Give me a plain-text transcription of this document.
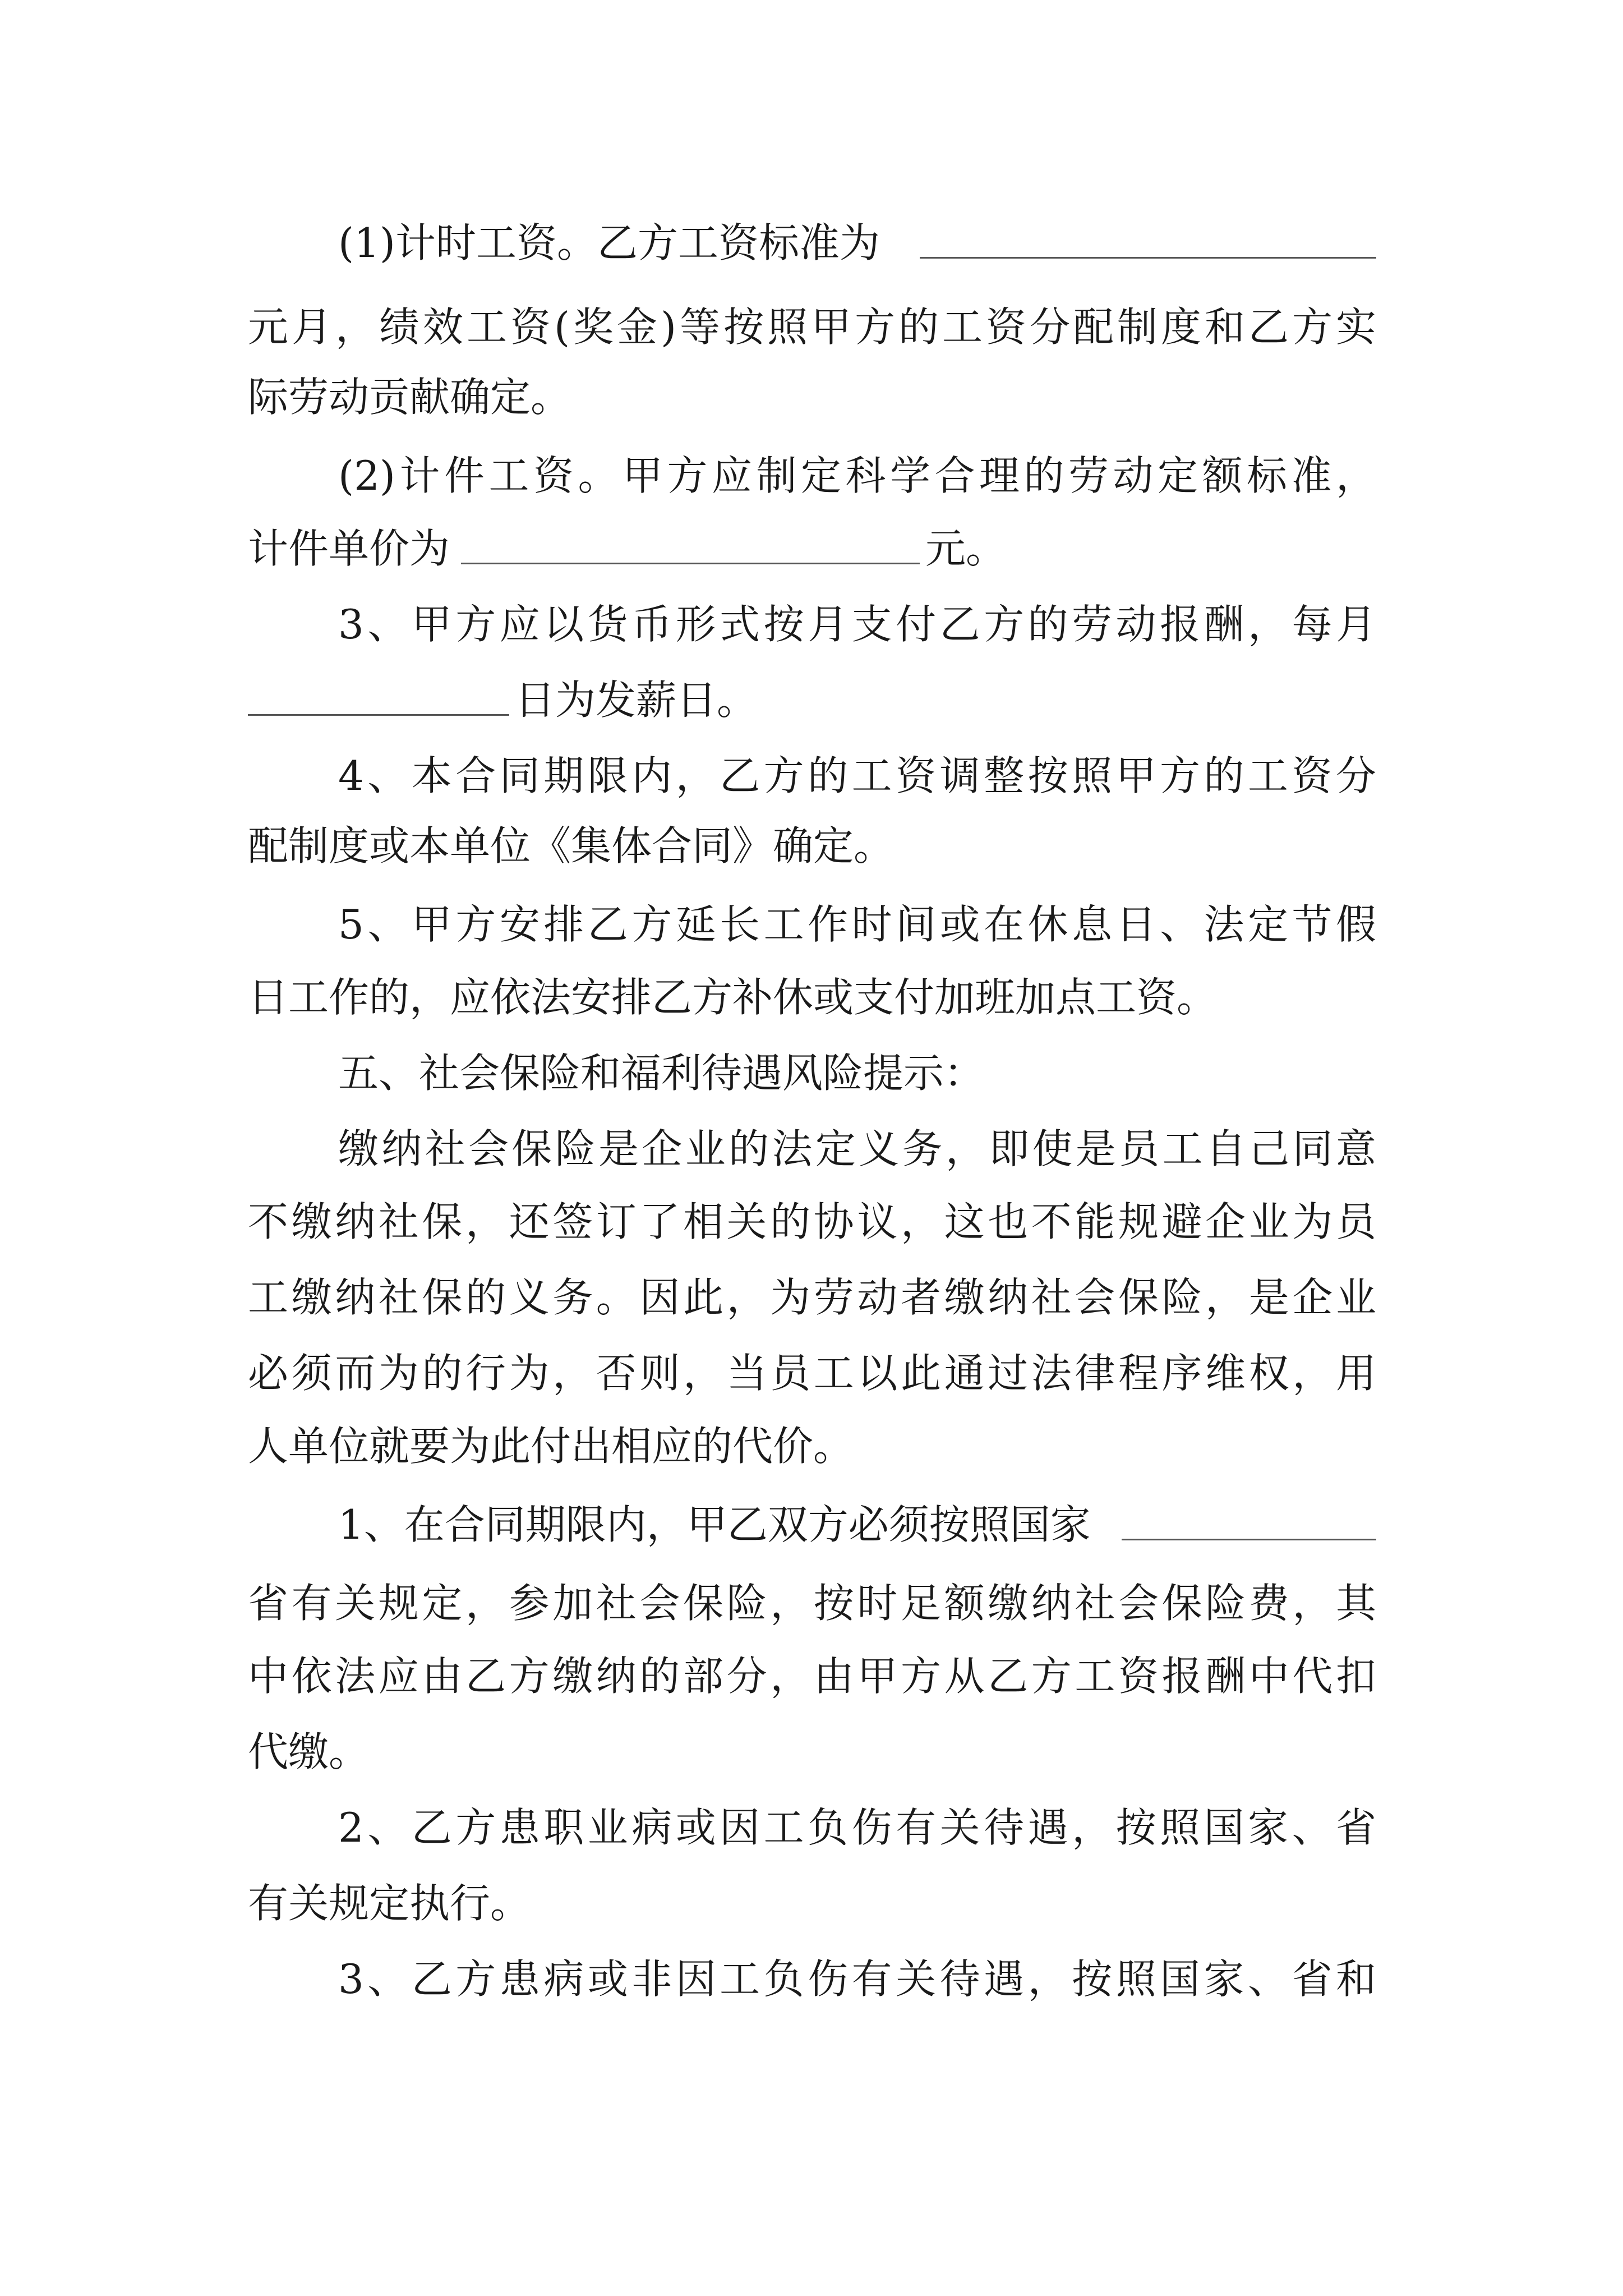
(1)计时工资。乙方工资标准为
元月，绩效工资(奖金)等按照甲方的工资分配制度和乙方实
际劳动贡献确定。
(2)计件工资。甲方应制定科学合理的劳动定额标准，
计件单价为	元。
3、甲方应以货币形式按月支付乙方的劳动报酬，每月
日为发薪日。
4、本合同期限内，乙方的工资调整按照甲方的工资分
配制度或本单位《集体合同》确定。
5、甲方安排乙方延长工作时间或在休息日、法定节假
日工作的，应依法安排乙方补休或支付加班加点工资。
五、社会保险和福利待遇风险提示：
缴纳社会保险是企业的法定义务，即使是员工自己同意
不缴纳社保，还签订了相关的协议，这也不能规避企业为员
工缴纳社保的义务。因此，为劳动者缴纳社会保险，是企业
必须而为的行为，否则，当员工以此通过法律程序维权，用
人单位就要为此付出相应的代价。
1、在合同期限内，甲乙双方必须按照国家
省有关规定，参加社会保险，按时足额缴纳社会保险费，其
中依法应由乙方缴纳的部分，由甲方从乙方工资报酬中代扣
代缴。
2、乙方患职业病或因工负伤有关待遇，按照国家、省
有关规定执行。
3、乙方患病或非因工负伤有关待遇，按照国家、省和
